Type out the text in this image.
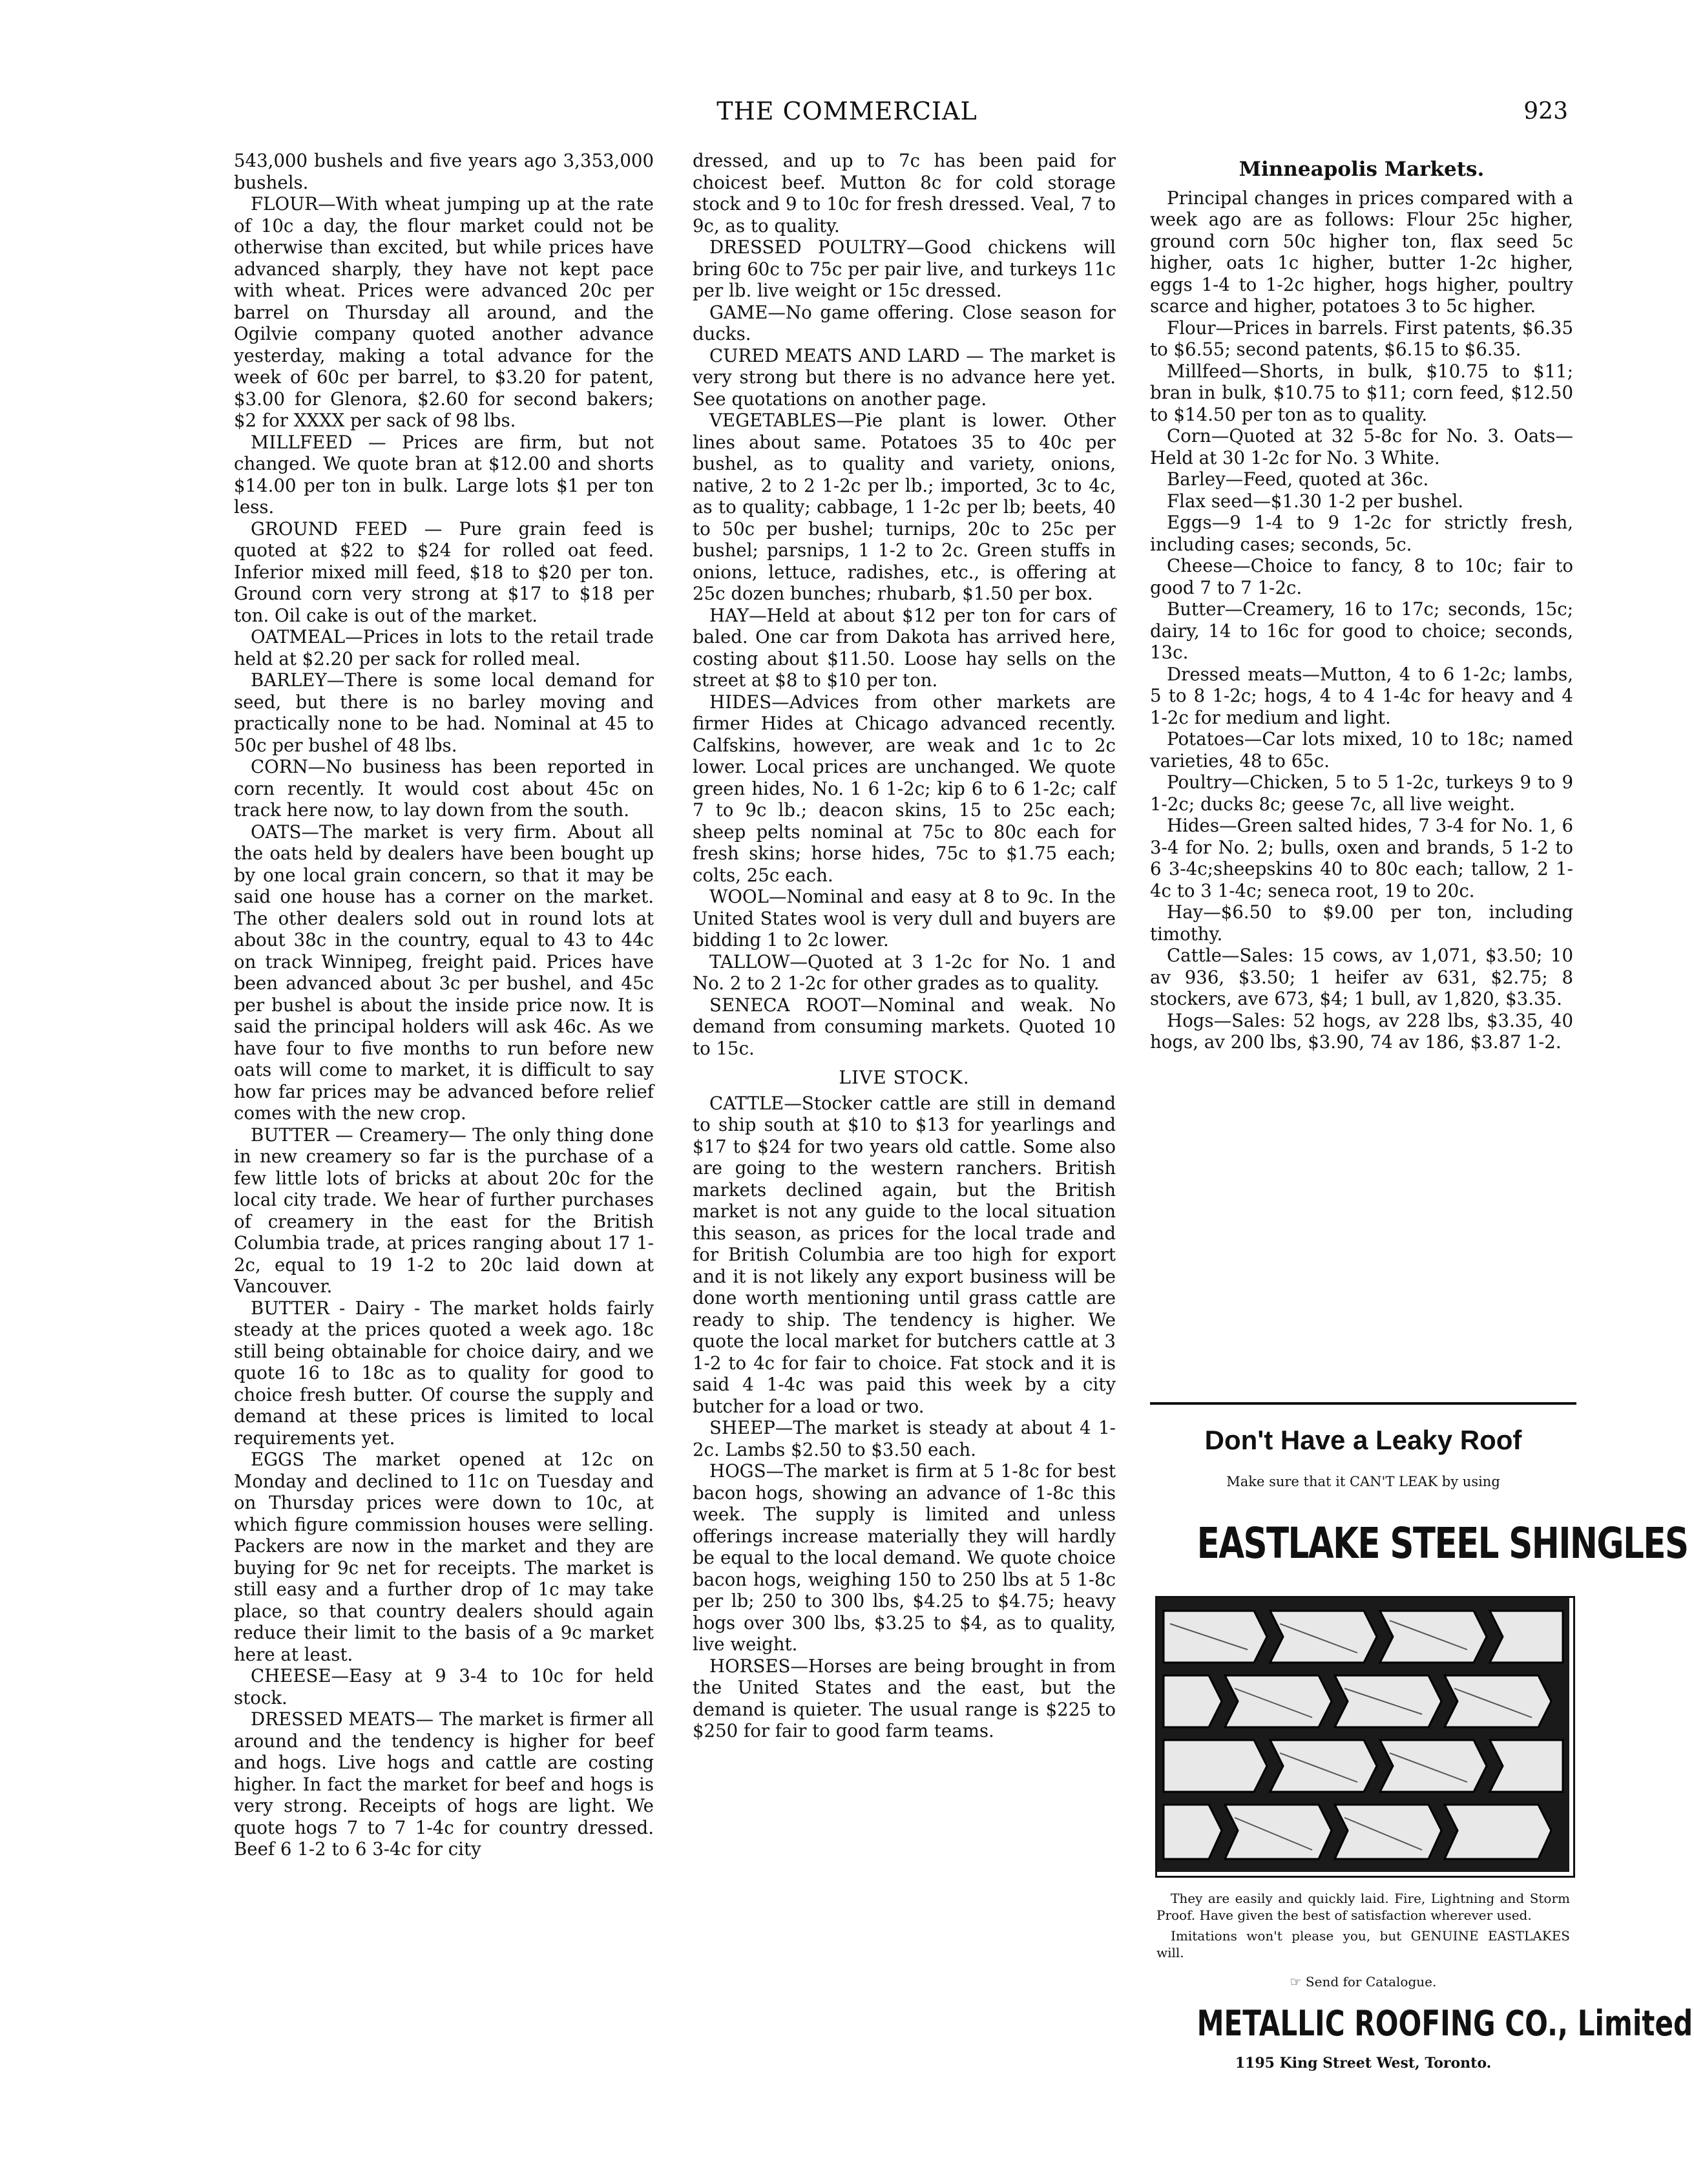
THE COMMERCIAL	923

543,000 bushels and five years ago 3,353,000 bushels.

FLOUR—With wheat jumping up at the rate of 10c a day, the flour market could not be otherwise than excited, but while prices have advanced sharply, they have not kept pace with wheat. Prices were advanced 20c per barrel on Thursday all around, and the Ogilvie company quoted another advance yesterday, making a total advance for the week of 60c per barrel, to $3.20 for patent, $3.00 for Glenora, $2.60 for second bakers; $2 for XXXX per sack of 98 lbs.

MILLFEED — Prices are firm, but not changed. We quote bran at $12.00 and shorts $14.00 per ton in bulk. Large lots $1 per ton less.

GROUND FEED — Pure grain feed is quoted at $22 to $24 for rolled oat feed. Inferior mixed mill feed, $18 to $20 per ton. Ground corn very strong at $17 to $18 per ton. Oil cake is out of the market.

OATMEAL—Prices in lots to the retail trade held at $2.20 per sack for rolled meal.

BARLEY—There is some local demand for seed, but there is no barley moving and practically none to be had. Nominal at 45 to 50c per bushel of 48 lbs.

CORN—No business has been reported in corn recently. It would cost about 45c on track here now, to lay down from the south.

OATS—The market is very firm. About all the oats held by dealers have been bought up by one local grain concern, so that it may be said one house has a corner on the market. The other dealers sold out in round lots at about 38c in the country, equal to 43 to 44c on track Winnipeg, freight paid. Prices have been advanced about 3c per bushel, and 45c per bushel is about the inside price now. It is said the principal holders will ask 46c. As we have four to five months to run before new oats will come to market, it is difficult to say how far prices may be advanced before relief comes with the new crop.

BUTTER — Creamery— The only thing done in new creamery so far is the purchase of a few little lots of bricks at about 20c for the local city trade. We hear of further purchases of creamery in the east for the British Columbia trade, at prices ranging about 17 1-2c, equal to 19 1-2 to 20c laid down at Vancouver.

BUTTER - Dairy - The market holds fairly steady at the prices quoted a week ago. 18c still being obtainable for choice dairy, and we quote 16 to 18c as to quality for good to choice fresh butter. Of course the supply and demand at these prices is limited to local requirements yet.

EGGS The market opened at 12c on Monday and declined to 11c on Tuesday and on Thursday prices were down to 10c, at which figure commission houses were selling. Packers are now in the market and they are buying for 9c net for receipts. The market is still easy and a further drop of 1c may take place, so that country dealers should again reduce their limit to the basis of a 9c market here at least.

CHEESE—Easy at 9 3-4 to 10c for held stock.

DRESSED MEATS— The market is firmer all around and the tendency is higher for beef and hogs. Live hogs and cattle are costing higher. In fact the market for beef and hogs is very strong. Receipts of hogs are light. We quote hogs 7 to 7 1-4c for country dressed. Beef 6 1-2 to 6 3-4c for city

dressed, and up to 7c has been paid for choicest beef. Mutton 8c for cold storage stock and 9 to 10c for fresh dressed. Veal, 7 to 9c, as to quality.

DRESSED POULTRY—Good chickens will bring 60c to 75c per pair live, and turkeys 11c per lb. live weight or 15c dressed.

GAME—No game offering. Close season for ducks.

CURED MEATS AND LARD — The market is very strong but there is no advance here yet. See quotations on another page.

VEGETABLES—Pie plant is lower. Other lines about same. Potatoes 35 to 40c per bushel, as to quality and variety, onions, native, 2 to 2 1-2c per lb.; imported, 3c to 4c, as to quality; cabbage, 1 1-2c per lb; beets, 40 to 50c per bushel; turnips, 20c to 25c per bushel; parsnips, 1 1-2 to 2c. Green stuffs in onions, lettuce, radishes, etc., is offering at 25c dozen bunches; rhubarb, $1.50 per box.

HAY—Held at about $12 per ton for cars of baled. One car from Dakota has arrived here, costing about $11.50. Loose hay sells on the street at $8 to $10 per ton.

HIDES—Advices from other markets are firmer Hides at Chicago advanced recently. Calfskins, however, are weak and 1c to 2c lower. Local prices are unchanged. We quote green hides, No. 1 6 1-2c; kip 6 to 6 1-2c; calf 7 to 9c lb.; deacon skins, 15 to 25c each; sheep pelts nominal at 75c to 80c each for fresh skins; horse hides, 75c to $1.75 each; colts, 25c each.

WOOL—Nominal and easy at 8 to 9c. In the United States wool is very dull and buyers are bidding 1 to 2c lower.

TALLOW—Quoted at 3 1-2c for No. 1 and No. 2 to 2 1-2c for other grades as to quality.

SENECA ROOT—Nominal and weak. No demand from consuming markets. Quoted 10 to 15c.

LIVE STOCK.

CATTLE—Stocker cattle are still in demand to ship south at $10 to $13 for yearlings and $17 to $24 for two years old cattle. Some also are going to the western ranchers. British markets declined again, but the British market is not any guide to the local situation this season, as prices for the local trade and for British Columbia are too high for export and it is not likely any export business will be done worth mentioning until grass cattle are ready to ship. The tendency is higher. We quote the local market for butchers cattle at 3 1-2 to 4c for fair to choice. Fat stock and it is said 4 1-4c was paid this week by a city butcher for a load or two.

SHEEP—The market is steady at about 4 1-2c. Lambs $2.50 to $3.50 each.

HOGS—The market is firm at 5 1-8c for best bacon hogs, showing an advance of 1-8c this week. The supply is limited and unless offerings increase materially they will hardly be equal to the local demand. We quote choice bacon hogs, weighing 150 to 250 lbs at 5 1-8c per lb; 250 to 300 lbs, $4.25 to $4.75; heavy hogs over 300 lbs, $3.25 to $4, as to quality, live weight.

HORSES—Horses are being brought in from the United States and the east, but the demand is quieter. The usual range is $225 to $250 for fair to good farm teams.

Minneapolis Markets.

Principal changes in prices compared with a week ago are as follows: Flour 25c higher, ground corn 50c higher ton, flax seed 5c higher, oats 1c higher, butter 1-2c higher, eggs 1-4 to 1-2c higher, hogs higher, poultry scarce and higher, potatoes 3 to 5c higher.

Flour—Prices in barrels. First patents, $6.35 to $6.55; second patents, $6.15 to $6.35.

Millfeed—Shorts, in bulk, $10.75 to $11; bran in bulk, $10.75 to $11; corn feed, $12.50 to $14.50 per ton as to quality.

Corn—Quoted at 32 5-8c for No. 3. Oats—Held at 30 1-2c for No. 3 White.

Barley—Feed, quoted at 36c.

Flax seed—$1.30 1-2 per bushel.

Eggs—9 1-4 to 9 1-2c for strictly fresh, including cases; seconds, 5c.

Cheese—Choice to fancy, 8 to 10c; fair to good 7 to 7 1-2c.

Butter—Creamery, 16 to 17c; seconds, 15c; dairy, 14 to 16c for good to choice; seconds, 13c.

Dressed meats—Mutton, 4 to 6 1-2c; lambs, 5 to 8 1-2c; hogs, 4 to 4 1-4c for heavy and 4 1-2c for medium and light.

Potatoes—Car lots mixed, 10 to 18c; named varieties, 48 to 65c.

Poultry—Chicken, 5 to 5 1-2c, turkeys 9 to 9 1-2c; ducks 8c; geese 7c, all live weight.

Hides—Green salted hides, 7 3-4 for No. 1, 6 3-4 for No. 2; bulls, oxen and brands, 5 1-2 to 6 3-4c;sheepskins 40 to 80c each; tallow, 2 1-4c to 3 1-4c; seneca root, 19 to 20c.

Hay—$6.50 to $9.00 per ton, including timothy.

Cattle—Sales: 15 cows, av 1,071, $3.50; 10 av 936, $3.50; 1 heifer av 631, $2.75; 8 stockers, ave 673, $4; 1 bull, av 1,820, $3.35.

Hogs—Sales: 52 hogs, av 228 lbs, $3.35, 40 hogs, av 200 lbs, $3.90, 74 av 186, $3.87 1-2.

Don't Have a Leaky Roof
Make sure that it CAN'T LEAK by using
EASTLAKE STEEL SHINGLES

They are easily and quickly laid. Fire, Lightning and Storm Proof. Have given the best of satisfaction wherever used.

Imitations won't please you, but GENUINE EASTLAKES will.

☞ Send for Catalogue.
METALLIC ROOFING CO., Limited
1195 King Street West, Toronto.
